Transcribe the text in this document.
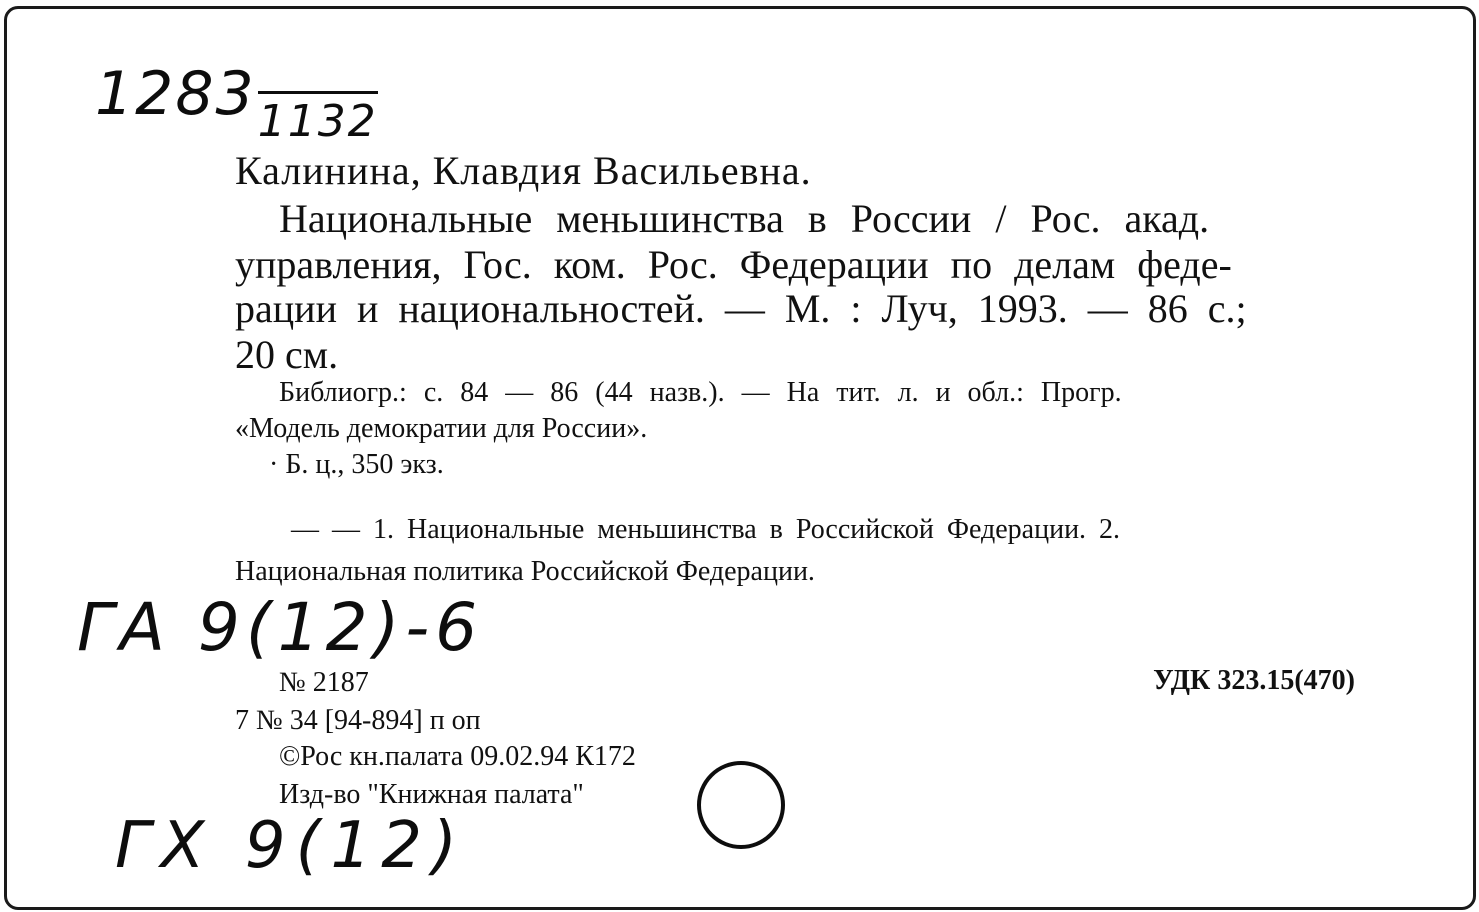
12831132
Калинина, Клавдия Васильевна.
Национальные меньшинства в России / Рос. акад.
управления, Гос. ком. Рос. Федерации по делам феде-
рации и национальностей. — М. : Луч, 1993. — 86 с.;
20 см.
Библиогр.: с. 84 — 86 (44 назв.). — На тит. л. и обл.: Прогр.
«Модель демократии для России».
· Б. ц., 350 экз.
— — 1. Национальные меньшинства в Российской Федерации. 2.
Национальная политика Российской Федерации.
ГА 9(12)-6
№ 2187	УДК 323.15(470)
7 № 34 [94-894] п оп
©Рос кн.палата 09.02.94 К172
Изд-во "Книжная палата"
ГХ 9(12)
